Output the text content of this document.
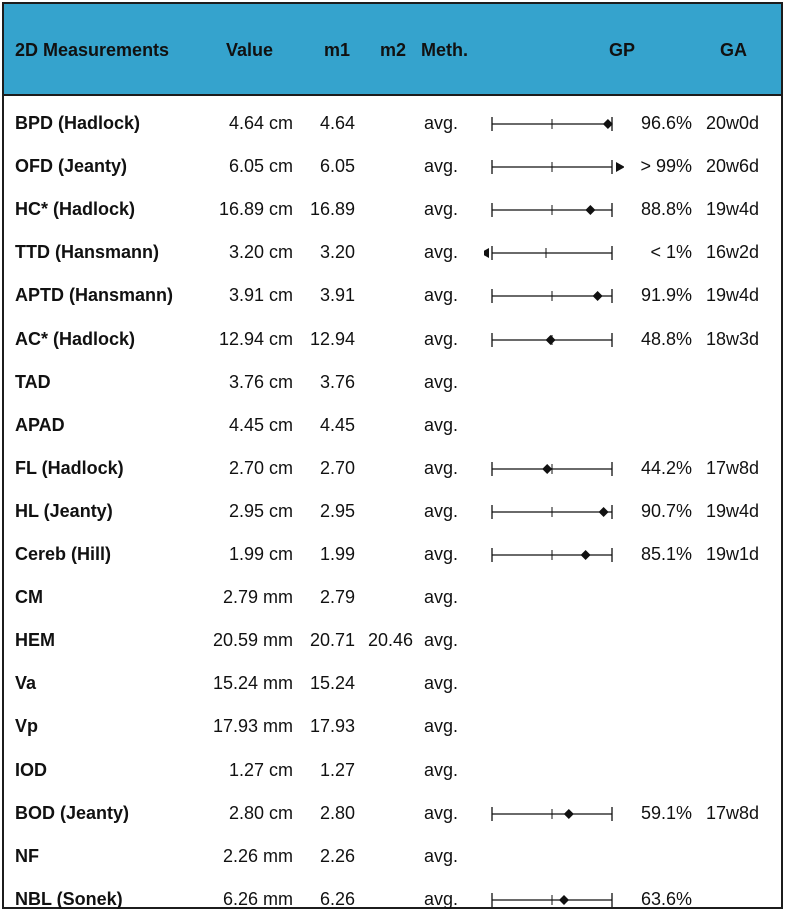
2D Measurements	Value	m1 m2 Meth.	GP	GA
BPD (Hadlock)	4.64 cm 4.64	avg.	96.6% 20w0d
OFD (Jeanty)	6.05 cm 6.05	avg.	> 99% 20w6d
HC* (Hadlock)	16.89 cm 16.89	avg.	88.8% 19w4d
TTD (Hansmann)	3.20 cm 3.20	avg.	< 1% 16w2d
APTD (Hansmann)	3.91 cm 3.91	avg.	91.9% 19w4d
AC* (Hadlock)	12.94 cm 12.94	avg.	48.8% 18w3d
TAD	3.76 cm 3.76	avg.
APAD	4.45 cm 4.45	avg.
FL (Hadlock)	2.70 cm 2.70	avg.	44.2% 17w8d
HL (Jeanty)	2.95 cm 2.95	avg.	90.7% 19w4d
Cereb (Hill)	1.99 cm 1.99	avg.	85.1% 19w1d
CM	2.79 mm 2.79	avg.
HEM	20.59 mm 20.71 20.46 avg.
Va	15.24 mm 15.24	avg.
Vp	17.93 mm 17.93	avg.
IOD	1.27 cm 1.27	avg.
BOD (Jeanty)	2.80 cm 2.80	avg.	59.1% 17w8d
NF	2.26 mm 2.26	avg.
NBL (Sonek)	6.26 mm 6.26	avg.	63.6%
